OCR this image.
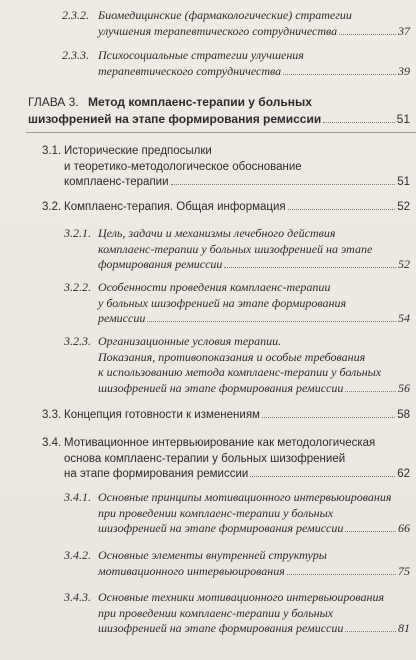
2.3.2. Биомедицинские (фармакологические) стратегии
улучшения терапевтического сотрудничества	37
2.3.3. Психосоциальные стратегии улучшения
терапевтического сотрудничества	39
ГЛАВА 3. Метод комплаенс-терапии у больных
шизофренией на этапе формирования ремиссии	51
3.1. Исторические предпосылки
и теоретико-методологическое обоснование
комплаенс-терапии	51
3.2. Комплаенс-терапия. Общая информация	52
3.2.1. Цель, задачи и механизмы лечебного действия
комплаенс-терапии у больных шизофренией на этапе
формирования ремиссии	52
3.2.2. Особенности проведения комплаенс-терапии
у больных шизофренией на этапе формирования
ремиссии	54
3.2.3. Организационные условия терапии.
Показания, противопоказания и особые требования
к использованию метода комплаенс-терапии у больных
шизофренией на этапе формирования ремиссии	56
3.3. Концепция готовности к изменениям	58
3.4. Мотивационное интервьюирование как методологическая
основа комплаенс-терапии у больных шизофренией
на этапе формирования ремиссии	62
3.4.1. Основные принципы мотивационного интервьюирования
при проведении комплаенс-терапии у больных
шизофренией на этапе формирования ремиссии	66
3.4.2. Основные элементы внутренней структуры
мотивационного интервьюирования	75
3.4.3. Основные техники мотивационного интервьюирования
при проведении комплаенс-терапии у больных
шизофренией на этапе формирования ремиссии	81
